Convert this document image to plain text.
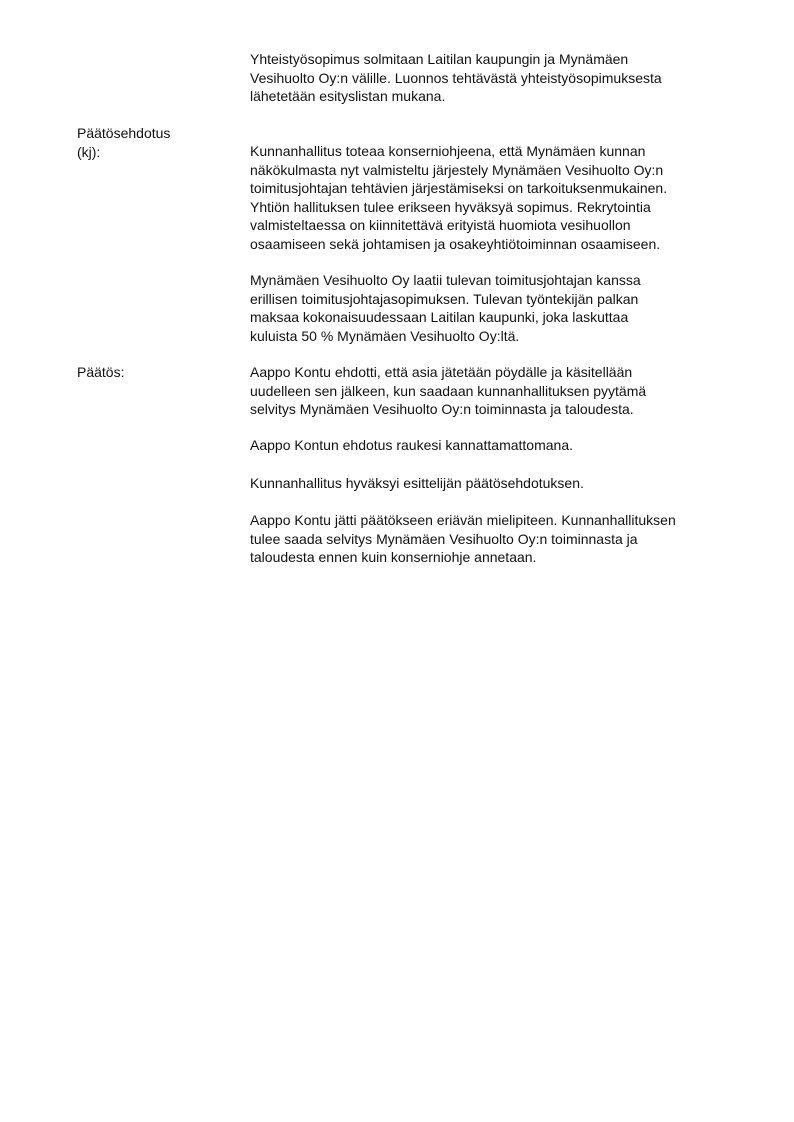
Yhteistyösopimus solmitaan Laitilan kaupungin ja Mynämäen
Vesihuolto Oy:n välille. Luonnos tehtävästä yhteistyösopimuksesta
lähetetään esityslistan mukana.
Päätösehdotus
(kj):	Kunnanhallitus toteaa konserniohjeena, että Mynämäen kunnan
näkökulmasta nyt valmisteltu järjestely Mynämäen Vesihuolto Oy:n
toimitusjohtajan tehtävien järjestämiseksi on tarkoituksenmukainen.
Yhtiön hallituksen tulee erikseen hyväksyä sopimus. Rekrytointia
valmisteltaessa on kiinnitettävä erityistä huomiota vesihuollon
osaamiseen sekä johtamisen ja osakeyhtiötoiminnan osaamiseen.
Mynämäen Vesihuolto Oy laatii tulevan toimitusjohtajan kanssa
erillisen toimitusjohtajasopimuksen. Tulevan työntekijän palkan
maksaa kokonaisuudessaan Laitilan kaupunki, joka laskuttaa
kuluista 50 % Mynämäen Vesihuolto Oy:ltä.
Päätös:	Aappo Kontu ehdotti, että asia jätetään pöydälle ja käsitellään
uudelleen sen jälkeen, kun saadaan kunnanhallituksen pyytämä
selvitys Mynämäen Vesihuolto Oy:n toiminnasta ja taloudesta.
Aappo Kontun ehdotus raukesi kannattamattomana.
Kunnanhallitus hyväksyi esittelijän päätösehdotuksen.
Aappo Kontu jätti päätökseen eriävän mielipiteen. Kunnanhallituksen
tulee saada selvitys Mynämäen Vesihuolto Oy:n toiminnasta ja
taloudesta ennen kuin konserniohje annetaan.
